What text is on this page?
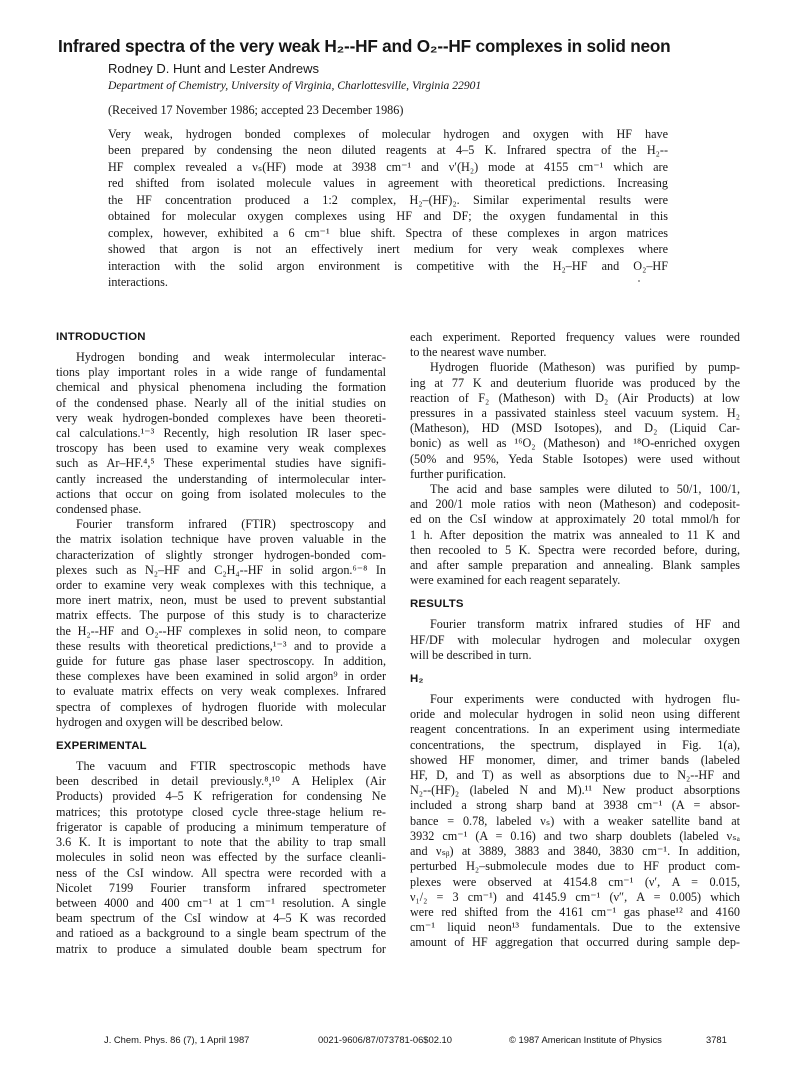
Infrared spectra of the very weak H₂--HF and O₂--HF complexes in solid neon
Rodney D. Hunt and Lester Andrews
Department of Chemistry, University of Virginia, Charlottesville, Virginia 22901
(Received 17 November 1986; accepted 23 December 1986)
Very weak, hydrogen bonded complexes of molecular hydrogen and oxygen with HF have
been prepared by condensing the neon diluted reagents at 4–5 K. Infrared spectra of the H₂--
HF complex revealed a νₛ(HF) mode at 3938 cm⁻¹ and ν′(H₂) mode at 4155 cm⁻¹ which are
red shifted from isolated molecule values in agreement with theoretical predictions. Increasing
the HF concentration produced a 1:2 complex, H₂–(HF)₂. Similar experimental results were
obtained for molecular oxygen complexes using HF and DF; the oxygen fundamental in this
complex, however, exhibited a 6 cm⁻¹ blue shift. Spectra of these complexes in argon matrices
showed that argon is not an effectively inert medium for very weak complexes where
interaction with the solid argon environment is competitive with the H₂–HF and O₂–HF
interactions.
INTRODUCTION
Hydrogen bonding and weak intermolecular interac-
tions play important roles in a wide range of fundamental
chemical and physical phenomena including the formation
of the condensed phase. Nearly all of the initial studies on
very weak hydrogen-bonded complexes have been theoreti-
cal calculations.¹⁻³ Recently, high resolution IR laser spec-
troscopy has been used to examine very weak complexes
such as Ar–HF.⁴,⁵ These experimental studies have signifi-
cantly increased the understanding of intermolecular inter-
actions that occur on going from isolated molecules to the
condensed phase.
Fourier transform infrared (FTIR) spectroscopy and
the matrix isolation technique have proven valuable in the
characterization of slightly stronger hydrogen-bonded com-
plexes such as N₂–HF and C₂H₄--HF in solid argon.⁶⁻⁸ In
order to examine very weak complexes with this technique, a
more inert matrix, neon, must be used to prevent substantial
matrix effects. The purpose of this study is to characterize
the H₂--HF and O₂--HF complexes in solid neon, to compare
these results with theoretical predictions,¹⁻³ and to provide a
guide for future gas phase laser spectroscopy. In addition,
these complexes have been examined in solid argon⁹ in order
to evaluate matrix effects on very weak complexes. Infrared
spectra of complexes of hydrogen fluoride with molecular
hydrogen and oxygen will be described below.
EXPERIMENTAL
The vacuum and FTIR spectroscopic methods have
been described in detail previously.⁸,¹⁰ A Heliplex (Air
Products) provided 4–5 K refrigeration for condensing Ne
matrices; this prototype closed cycle three-stage helium re-
frigerator is capable of producing a minimum temperature of
3.6 K. It is important to note that the ability to trap small
molecules in solid neon was effected by the surface cleanli-
ness of the CsI window. All spectra were recorded with a
Nicolet 7199 Fourier transform infrared spectrometer
between 4000 and 400 cm⁻¹ at 1 cm⁻¹ resolution. A single
beam spectrum of the CsI window at 4–5 K was recorded
and ratioed as a background to a single beam spectrum of the
matrix to produce a simulated double beam spectrum for
each experiment. Reported frequency values were rounded
to the nearest wave number.
Hydrogen fluoride (Matheson) was purified by pump-
ing at 77 K and deuterium fluoride was produced by the
reaction of F₂ (Matheson) with D₂ (Air Products) at low
pressures in a passivated stainless steel vacuum system. H₂
(Matheson), HD (MSD Isotopes), and D₂ (Liquid Car-
bonic) as well as ¹⁶O₂ (Matheson) and ¹⁸O-enriched oxygen
(50% and 95%, Yeda Stable Isotopes) were used without
further purification.
The acid and base samples were diluted to 50/1, 100/1,
and 200/1 mole ratios with neon (Matheson) and codeposit-
ed on the CsI window at approximately 20 total mmol/h for
1 h. After deposition the matrix was annealed to 11 K and
then recooled to 5 K. Spectra were recorded before, during,
and after sample preparation and annealing. Blank samples
were examined for each reagent separately.
RESULTS
Fourier transform matrix infrared studies of HF and
HF/DF with molecular hydrogen and molecular oxygen
will be described in turn.
H₂
Four experiments were conducted with hydrogen flu-
oride and molecular hydrogen in solid neon using different
reagent concentrations. In an experiment using intermediate
concentrations, the spectrum, displayed in Fig. 1(a),
showed HF monomer, dimer, and trimer bands (labeled
HF, D, and T) as well as absorptions due to N₂--HF and
N₂--(HF)₂ (labeled N and M).¹¹ New product absorptions
included a strong sharp band at 3938 cm⁻¹ (A = absor-
bance = 0.78, labeled νₛ) with a weaker satellite band at
3932 cm⁻¹ (A = 0.16) and two sharp doublets (labeled νₛₐ
and νₛᵦ) at 3889, 3883 and 3840, 3830 cm⁻¹. In addition,
perturbed H₂–submolecule modes due to HF product com-
plexes were observed at 4154.8 cm⁻¹ (ν′, A = 0.015,
ν₁/₂ = 3 cm⁻¹) and 4145.9 cm⁻¹ (ν″, A = 0.005) which
were red shifted from the 4161 cm⁻¹ gas phase¹² and 4160
cm⁻¹ liquid neon¹³ fundamentals. Due to the extensive
amount of HF aggregation that occurred during sample dep-
J. Chem. Phys. 86 (7), 1 April 1987	0021-9606/87/073781-06$02.10	© 1987 American Institute of Physics	3781
